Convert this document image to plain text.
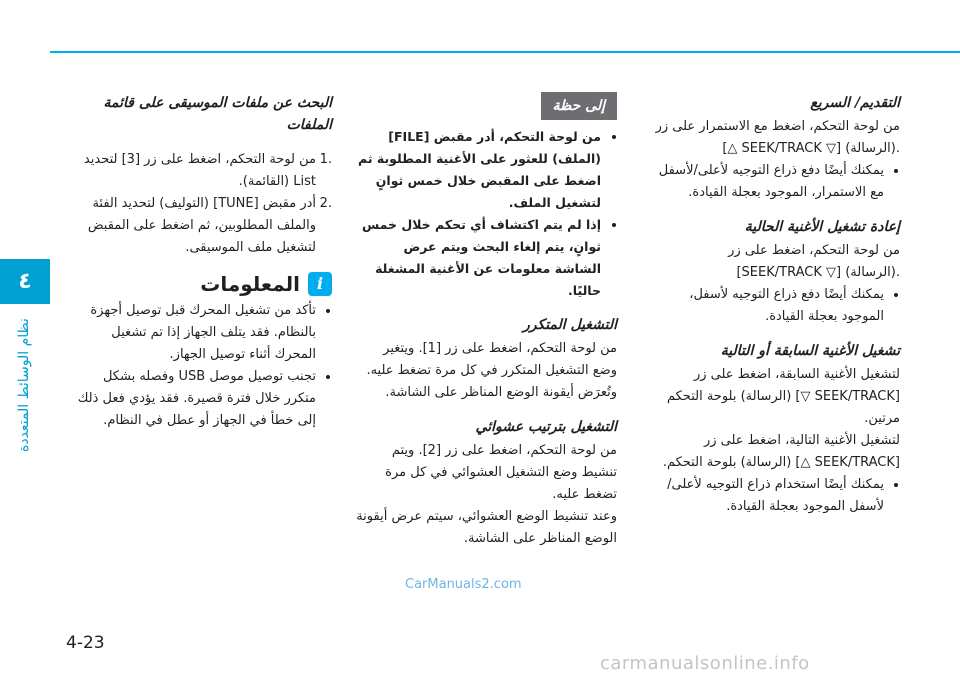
٤
نظام الوسائط المتعددة
التقديم/ السريع

من لوحة التحكم، اضغط مع الاستمرار على زر

.(الرسالة) [▽ SEEK/TRACK △]

• يمكنك أيضًا دفع ذراع التوجيه لأعلى/لأسفل مع الاستمرار، الموجود بعجلة القيادة.
إعادة تشغيل الأغنية الحالية

من لوحة التحكم، اضغط على زر

.(الرسالة) [▽ SEEK/TRACK]

• يمكنك أيضًا دفع ذراع التوجيه لأسفل، الموجود بعجلة القيادة.
تشغيل الأغنية السابقة أو التالية

لتشغيل الأغنية السابقة، اضغط على زر

[SEEK/TRACK ▽] (الرسالة) بلوحة التحكم مرتين.

لتشغيل الأغنية التالية، اضغط على زر

[SEEK/TRACK △] (الرسالة) بلوحة التحكم.

• يمكنك أيضًا استخدام ذراع التوجيه لأعلى/ لأسفل الموجود بعجلة القيادة.
إلى حظة
• من لوحة التحكم، أدر مقبض [FILE] (الملف) للعثور على الأغنية المطلوبة ثم اضغط على المقبض خلال خمس ثوانٍ لتشغيل الملف.
• إذا لم يتم اكتشاف أي تحكم خلال خمس ثوانٍ، يتم إلغاء البحث ويتم عرض الشاشة معلومات عن الأغنية المشغلة حاليًا.
التشغيل المتكرر

من لوحة التحكم، اضغط على زر [1]. ويتغير وضع التشغيل المتكرر في كل مرة تضغط عليه.

وتُعرَض أيقونة الوضع المناظر على الشاشة.

التشغيل بترتيب عشوائي

من لوحة التحكم، اضغط على زر [2]. ويتم تنشيط وضع التشغيل العشوائي في كل مرة تضغط عليه.

وعند تنشيط الوضع العشوائي، سيتم عرض أيقونة الوضع المناظر على الشاشة.

البحث عن ملفات الموسيقى على قائمة الملفات
.1
من لوحة التحكم، اضغط على زر [3] لتحديد List (القائمة).
.2
أدر مقبض [TUNE] (التوليف) لتحديد الفئة والملف المطلوبين، ثم اضغط على المقبض لتشغيل ملف الموسيقى.
i
المعلومات
• تأكد من تشغيل المحرك قبل توصيل أجهزة بالنظام. فقد يتلف الجهاز إذا تم تشغيل المحرك أثناء توصيل الجهاز.
• تجنب توصيل موصل USB وفصله بشكل متكرر خلال فترة قصيرة. فقد يؤدي فعل ذلك إلى خطأ في الجهاز أو عطل في النظام.
CarManuals2.com
4-23
carmanualsonline.info
